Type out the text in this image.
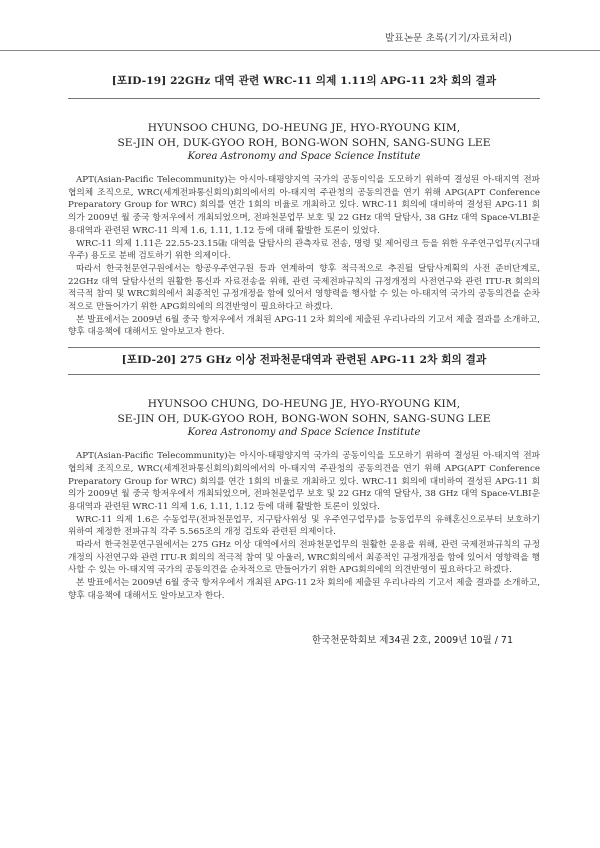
발표논문 초록(기기/자료처리)
[포ID-19] 22GHz 대역 관련 WRC-11 의제 1.11의 APG-11 2차 회의 결과
HYUNSOO CHUNG, DO-HEUNG JE, HYO-RYOUNG KIM,
SE-JIN OH, DUK-GYOO ROH, BONG-WON SOHN, SANG-SUNG LEE
Korea Astronomy and Space Science Institute

APT(Asian-Pacific Telecommunity)는 아시아-태평양지역 국가의 공동이익을 도모하기 위하여 결성된 아-태지역 전파협의체 조직으로, WRC(세계전파통신회의)회의에서의 아-태지역 주관청의 공동의견을 연기 위해 APG(APT Conference Preparatory Group for WRC) 회의를 연간 1회의 비율로 개최하고 있다. WRC-11 회의에 대비하여 결성된 APG-11 회의가 2009년 월 중국 항저우에서 개최되었으며, 전파천문업무 보호 및 22 GHz 대역 달탐사, 38 GHz 대역 Space-VLBI운용대역과 관련된 WRC-11 의제 1.6, 1.11, 1.12 등에 대해 활발한 토론이 있었다.

WRC-11 의제 1.11은 22.55-23.15㎓ 대역을 달탐사의 관측자료 전송, 명령 및 제어링크 등을 위한 우주연구업무(지구대우주) 용도로 분배 검토하기 위한 의제이다.

따라서 한국천문연구원에서는 항공우주연구원 등과 연계하여 향후 적극적으로 추진될 달탐사계획의 사전 준비단계로, 22GHz 대역 달탐사선의 원활한 통신과 자료전송을 위해, 관련 국제전파규칙의 규정개정의 사전연구와 관련 ITU-R 회의의 적극적 참여 및 WRC회의에서 최종적인 규정개정을 함에 있어서 영향력을 행사할 수 있는 아-태지역 국가의 공동의견을 순차적으로 만들어가기 위한 APG회의에의 의견반영이 필요하다고 하겠다.

본 발표에서는 2009년 6월 중국 항저우에서 개최된 APG-11 2차 회의에 제출된 우리나라의 기고서 제출 결과를 소개하고, 향후 대응책에 대해서도 알아보고자 한다.

[포ID-20] 275 GHz 이상 전파천문대역과 관련된 APG-11 2차 회의 결과
HYUNSOO CHUNG, DO-HEUNG JE, HYO-RYOUNG KIM,
SE-JIN OH, DUK-GYOO ROH, BONG-WON SOHN, SANG-SUNG LEE
Korea Astronomy and Space Science Institute

APT(Asian-Pacific Telecommunity)는 아시아-태평양지역 국가의 공동이익을 도모하기 위하여 결성된 아-태지역 전파협의체 조직으로, WRC(세계전파통신회의)회의에서의 아-태지역 주관청의 공동의견을 연기 위해 APG(APT Conference Preparatory Group for WRC) 회의를 연간 1회의 비율로 개최하고 있다. WRC-11 회의에 대비하여 결성된 APG-11 회의가 2009년 월 중국 항저우에서 개최되었으며, 전파천문업무 보호 및 22 GHz 대역 달탐사, 38 GHz 대역 Space-VLBI운용대역과 관련된 WRC-11 의제 1.6, 1.11, 1.12 등에 대해 활발한 토론이 있었다.

WRC-11 의제 1.6은 수동업무(전파천문업무, 지구탐사위성 및 우주연구업무)를 능동업무의 유해혼신으로부터 보호하기 위하여 제정한 전파규칙 각주 5.565조의 개정 검토와 관련된 의제이다.

따라서 한국천문연구원에서는 275 GHz 이상 대역에서의 전파천문업무의 원활한 운용을 위해, 관련 국제전파규칙의 규정개정의 사전연구와 관련 ITU-R 회의의 적극적 참여 및 아울러, WRC회의에서 최종적인 규정개정을 함에 있어서 영향력을 행사할 수 있는 아-태지역 국가의 공동의견을 순차적으로 만들어가기 위한 APG회의에의 의견반영이 필요하다고 하겠다.

본 발표에서는 2009년 6월 중국 항저우에서 개최된 APG-11 2차 회의에 제출된 우리나라의 기고서 제출 결과를 소개하고, 향후 대응책에 대해서도 알아보고자 한다.

한국천문학회보 제34권 2호, 2009년 10월 / 71
